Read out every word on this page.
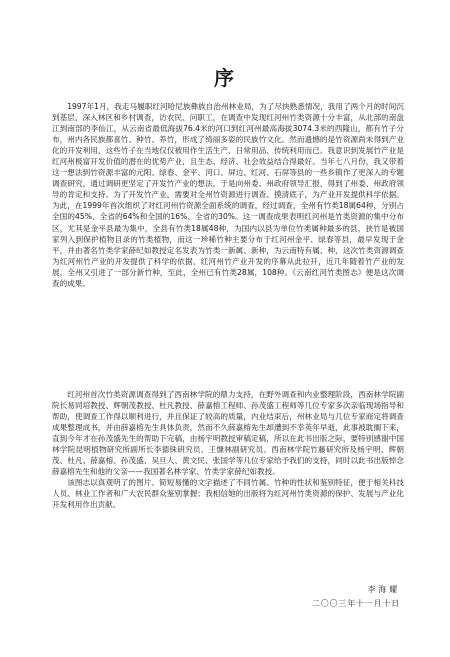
序

1997年1月，我走马履职红河哈尼族彝族自治州林业局，为了尽快熟悉情况，我用了两个月的时间沉到基层，深入林区和乡村调查，访农民、问职工，在调查中发现红河州竹类资源十分丰富，从北部的南盘江到南部的李仙江，从云南省最低海拔76.4米的河口到红河州最高海拔3074.3米的西隆山，都有竹子分布，州内各民族都喜竹、种竹、养竹，形成了绮丽多姿的民族竹文化。然而遗憾的是竹资源尚未得到产业化的开发利用，这些竹子在当地仅仅被用作生活生产、日常用品、传统利用而已。我意识到发展竹产业是红河州极富开发价值的潜在的优势产业，且生态、经济、社会效益结合得最好。当年七八月份，我又带着这一想法到竹资源丰富的元阳、绿春、金平、河口、屏边、红河、石屏等县的一些乡镇作了更深入的专题调查研究，通过调研更坚定了开发竹产业的想法，于是向州委、州政府领导汇报，得到了州委、州政府领导的肯定和支持。为了开发竹产业，需要对全州竹资源进行调查、摸清底子，为产业开发提供科学依据。为此，在1999年首次组织了对红河州竹资源全面系统的调查，经过调查，全州有竹类18属64种，分别占全国的45%、全省的64%和全国的16%、全省的30%。这一调查成果表明红河州是竹类资源的集中分布区，尤其是金平县最为集中，全县有竹类18属48种，为国内以县为单位竹类属种最多的县，狭竹是被国家列入到保护植物目录的竹类植物，而这一珍稀竹种主要分布于红河州金平、绿春等县，最早发现于金平，并由著名竹类学家薛纪如教授定名发表为竹类一新属、新种，为云南特有属、种，这次竹类资源调查为红河州竹产业的开发提供了科学的依据，红河州竹产业开发的序幕从此拉开，近几年随着竹产业的发展，全州又引进了一部分新竹种，至此，全州已有竹类28属，108种。《云南红河竹类图志》便是这次调查的成果。

红河州首次竹类资源调查得到了西南林学院的鼎力支持，在野外调查和内业整理阶段，西南林学院副院长易同培教授、辉朝茂教授、杜凡教授、薛嘉榕工程师、孙茂盛工程师等几位专家多次亲临现场指导和帮助，使调查工作得以顺利进行，并且保证了较高的质量，内业结束后，州林业局与几位专家商定将调查成果整理成书，并由薛嘉榕先生具体负责，然而不久薛嘉榕先生却遭到不幸英年早逝，此事被耽搁下来，直到今年才在孙茂盛先生的帮助下完稿，由杨宇明教授审稿定稿，所以在此书出版之际，要特别感谢中国林学院昆明植物研究所副所长李德铢研究员、王慷林副研究员、西南林学院竹藤研究所及杨宇明、辉朝茂、杜凡、薛嘉榕、孙茂盛、吴旦人、黄文民、张国学等几位专家给予我们的支持，同时以此书出版悼念薛嘉榕先生和他的父亲——我国著名林学家、竹类学家薛纪如教授。

该图志以真观明了的图片、简短易懂的文字描述了不同竹属、竹种的性状和鉴别特征，便于相关科技人员、林业工作者和广大农民群众鉴别掌握；我相信她的出版将为红河州竹类资源的保护、发展与产业化开发利用作出贡献。

李海耀
二〇〇三年十一月十日
